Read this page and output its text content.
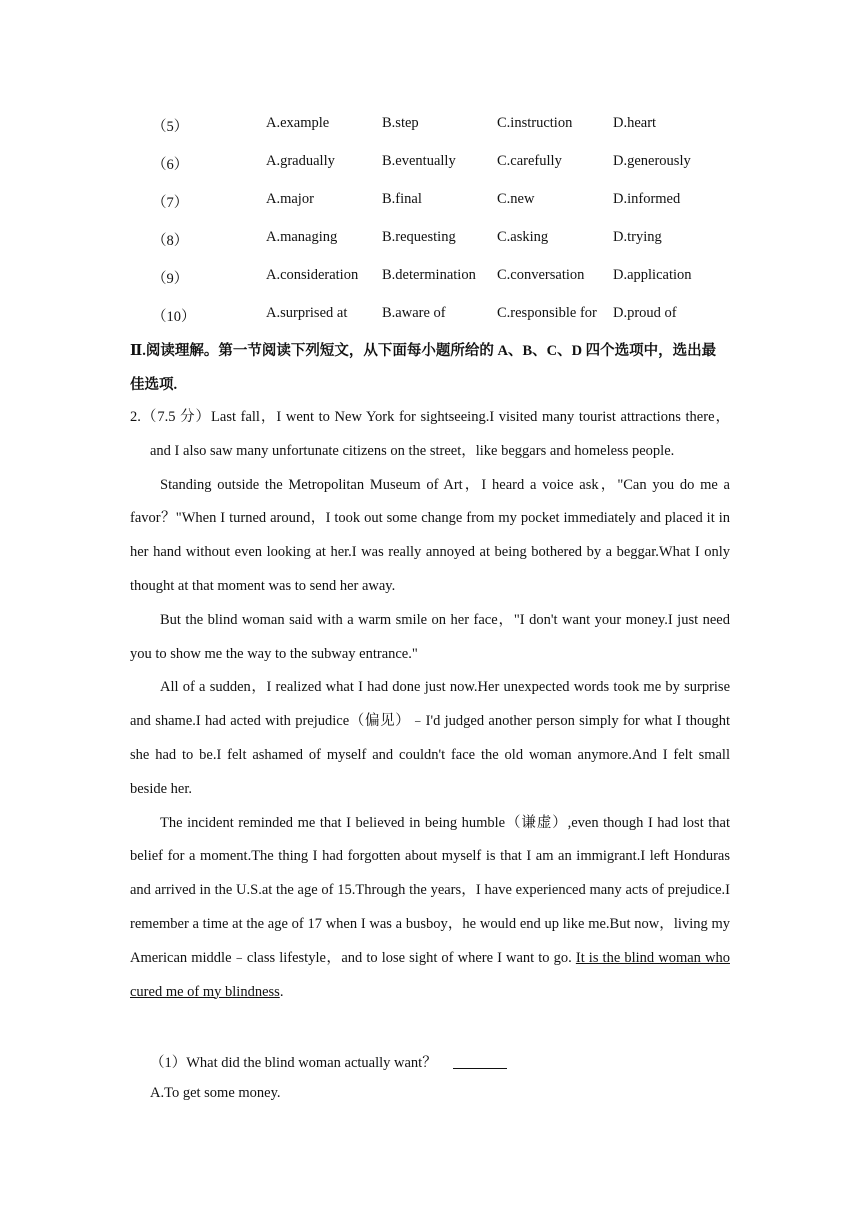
（5）	A.example	B.step	C.instruction	D.heart
（6）	A.gradually	B.eventually	C.carefully	D.generously
（7）	A.major	B.final	C.new	D.informed
（8）	A.managing	B.requesting	C.asking	D.trying
（9）	A.consideration B.determination C.conversation D.application
（10）	A.surprised at B.aware of	C.responsible for D.proud of
Ⅱ.阅读理解。第一节阅读下列短文，从下面每小题所给的 A、B、C、D 四个选项中，选出最佳选项.

2.（7.5 分）Last fall，I went to New York for sightseeing.I visited many tourist attractions there，and I also saw many unfortunate citizens on the street，like beggars and homeless people.

Standing outside the Metropolitan Museum of Art，I heard a voice ask，"Can you do me a favor？"When I turned around，I took out some change from my pocket immediately and placed it in her hand without even looking at her.I was really annoyed at being bothered by a beggar.What I only thought at that moment was to send her away.

But the blind woman said with a warm smile on her face，"I don't want your money.I just need you to show me the way to the subway entrance."

All of a sudden，I realized what I had done just now.Her unexpected words took me by surprise and shame.I had acted with prejudice（偏见）﹣I'd judged another person simply for what I thought she had to be.I felt ashamed of myself and couldn't face the old woman anymore.And I felt small beside her.

The incident reminded me that I believed in being humble（谦虚）,even though I had lost that belief for a moment.The thing I had forgotten about myself is that I am an immigrant.I left Honduras and arrived in the U.S.at the age of 15.Through the years，I have experienced many acts of prejudice.I remember a time at the age of 17 when I was a busboy，he would end up like me.But now，living my American middle﹣class lifestyle，and to lose sight of where I want to go. It is the blind woman who cured me of my blindness.

（1）What did the blind woman actually want？
A.To get some money.
